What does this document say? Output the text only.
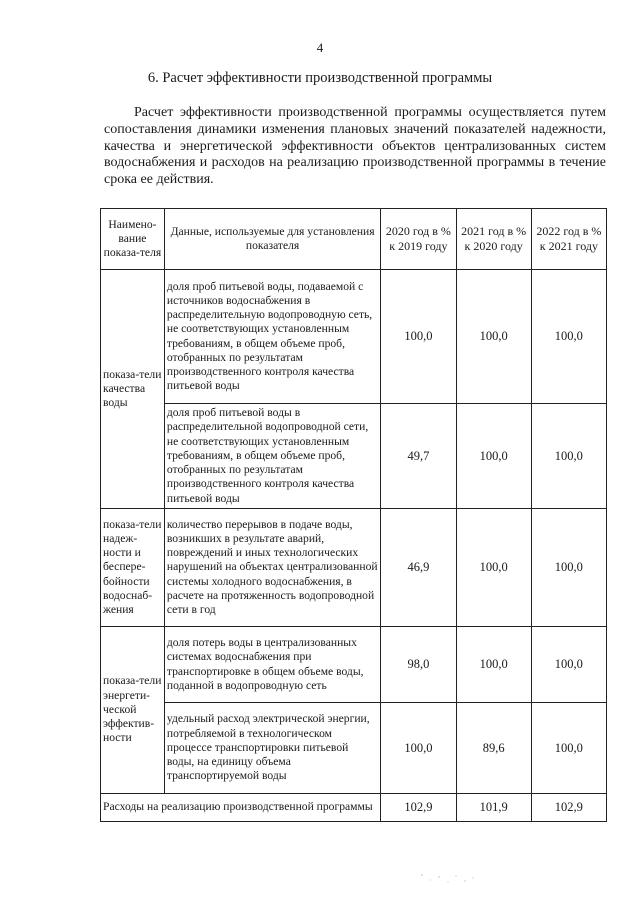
4
6. Расчет эффективности производственной программы
Расчет эффективности производственной программы осуществляется путем сопоставления динамики изменения плановых значений показателей надежности, качества и энергетической эффективности объектов централизованных систем водоснабжения и расходов на реализацию производственной программы в течение срока ее действия.
Наимено-вание показа-теля	Данные, используемые для установления показателя	2020 год в % к 2019 году	2021 год в % к 2020 году	2022 год в % к 2021 году
показа-тели качества воды	доля проб питьевой воды, подаваемой с источников водоснабжения в распределительную водопроводную сеть, не соответствующих установленным требованиям, в общем объеме проб, отобранных по результатам производственного контроля качества питьевой воды	100,0	100,0	100,0
	доля проб питьевой воды в распределительной водопроводной сети, не соответствующих установленным требованиям, в общем объеме проб, отобранных по результатам производственного контроля качества питьевой воды	49,7	100,0	100,0
показа-тели надеж-ности и беспере-бойности водоснаб-жения	количество перерывов в подаче воды, возникших в результате аварий, повреждений и иных технологических нарушений на объектах централизованной системы холодного водоснабжения, в расчете на протяженность водопроводной сети в год	46,9	100,0	100,0
показа-тели энергети-ческой эффектив-ности	доля потерь воды в централизованных системах водоснабжения при транспортировке в общем объеме воды, поданной в водопроводную сеть	98,0	100,0	100,0
	удельный расход электрической энергии, потребляемой в технологическом процессе транспортировки питьевой воды, на единицу объема транспортируемой воды	100,0	89,6	100,0
Расходы на реализацию производственной программы		102,9	101,9	102,9
